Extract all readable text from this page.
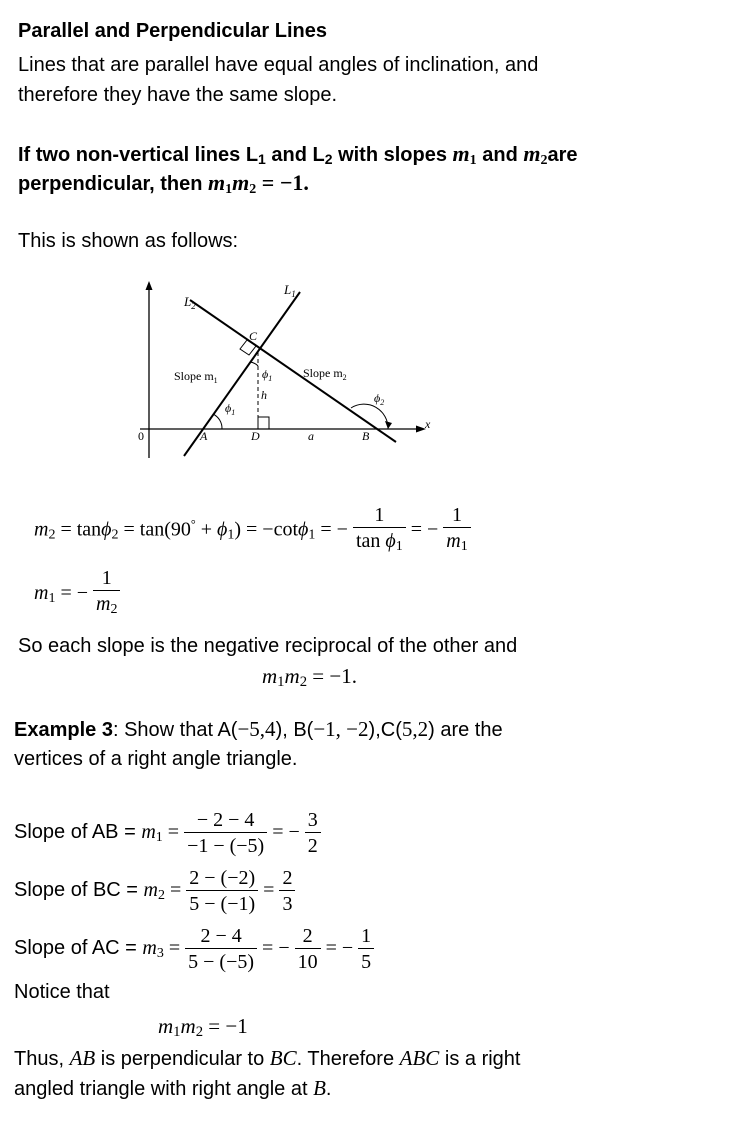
Parallel and Perpendicular Lines
Lines that are parallel have equal angles of inclination, and
therefore they have the same slope.
If two non-vertical lines $L_1$ and $L_2$ with slopes $m_1$ and $m_2are$
perpendicular, then $m_1m_2 = -1$.
This is shown as follows:
$L_2$
$L_1$
C
Slope $m_1$
Slope $m_2$
$\phi_1$
$\phi_1$
$\phi_2$
h
A	D	a	B
x
0
$m_2 = \tan\phi_2 = \tan(90^\circ + \phi_1) = -\cot\phi_1$ = − $\frac{1}{\tan \phi_1}$ = − $\frac{1}{m_1}$
$m_1$ = − $\frac{1}{m_2}$
So each slope is the negative reciprocal of the other and
$m_1m_2 = -1$.
Example 3: Show that A(−5,4), B(−1, −2),C(5,2) are the
vertices of a right angle triangle.
Slope of AB = $m_1 = \frac{- 2 - 4}{-1 - (-5)}$ = − $\frac{3}{2}$
Slope of BC = $m_2 = \frac{2 - (-2)}{5 - (-1)} = \frac{2}{3}$
Slope of AC = $m_3 = \frac{2 - 4}{5 - (-5)}$ = − $\frac{2}{10}$ = − $\frac{1}{5}$
Notice that
$m_1m_2 = -1$
Thus, AB is perpendicular to BC. Therefore ABC is a right
angled triangle with right angle at B.
